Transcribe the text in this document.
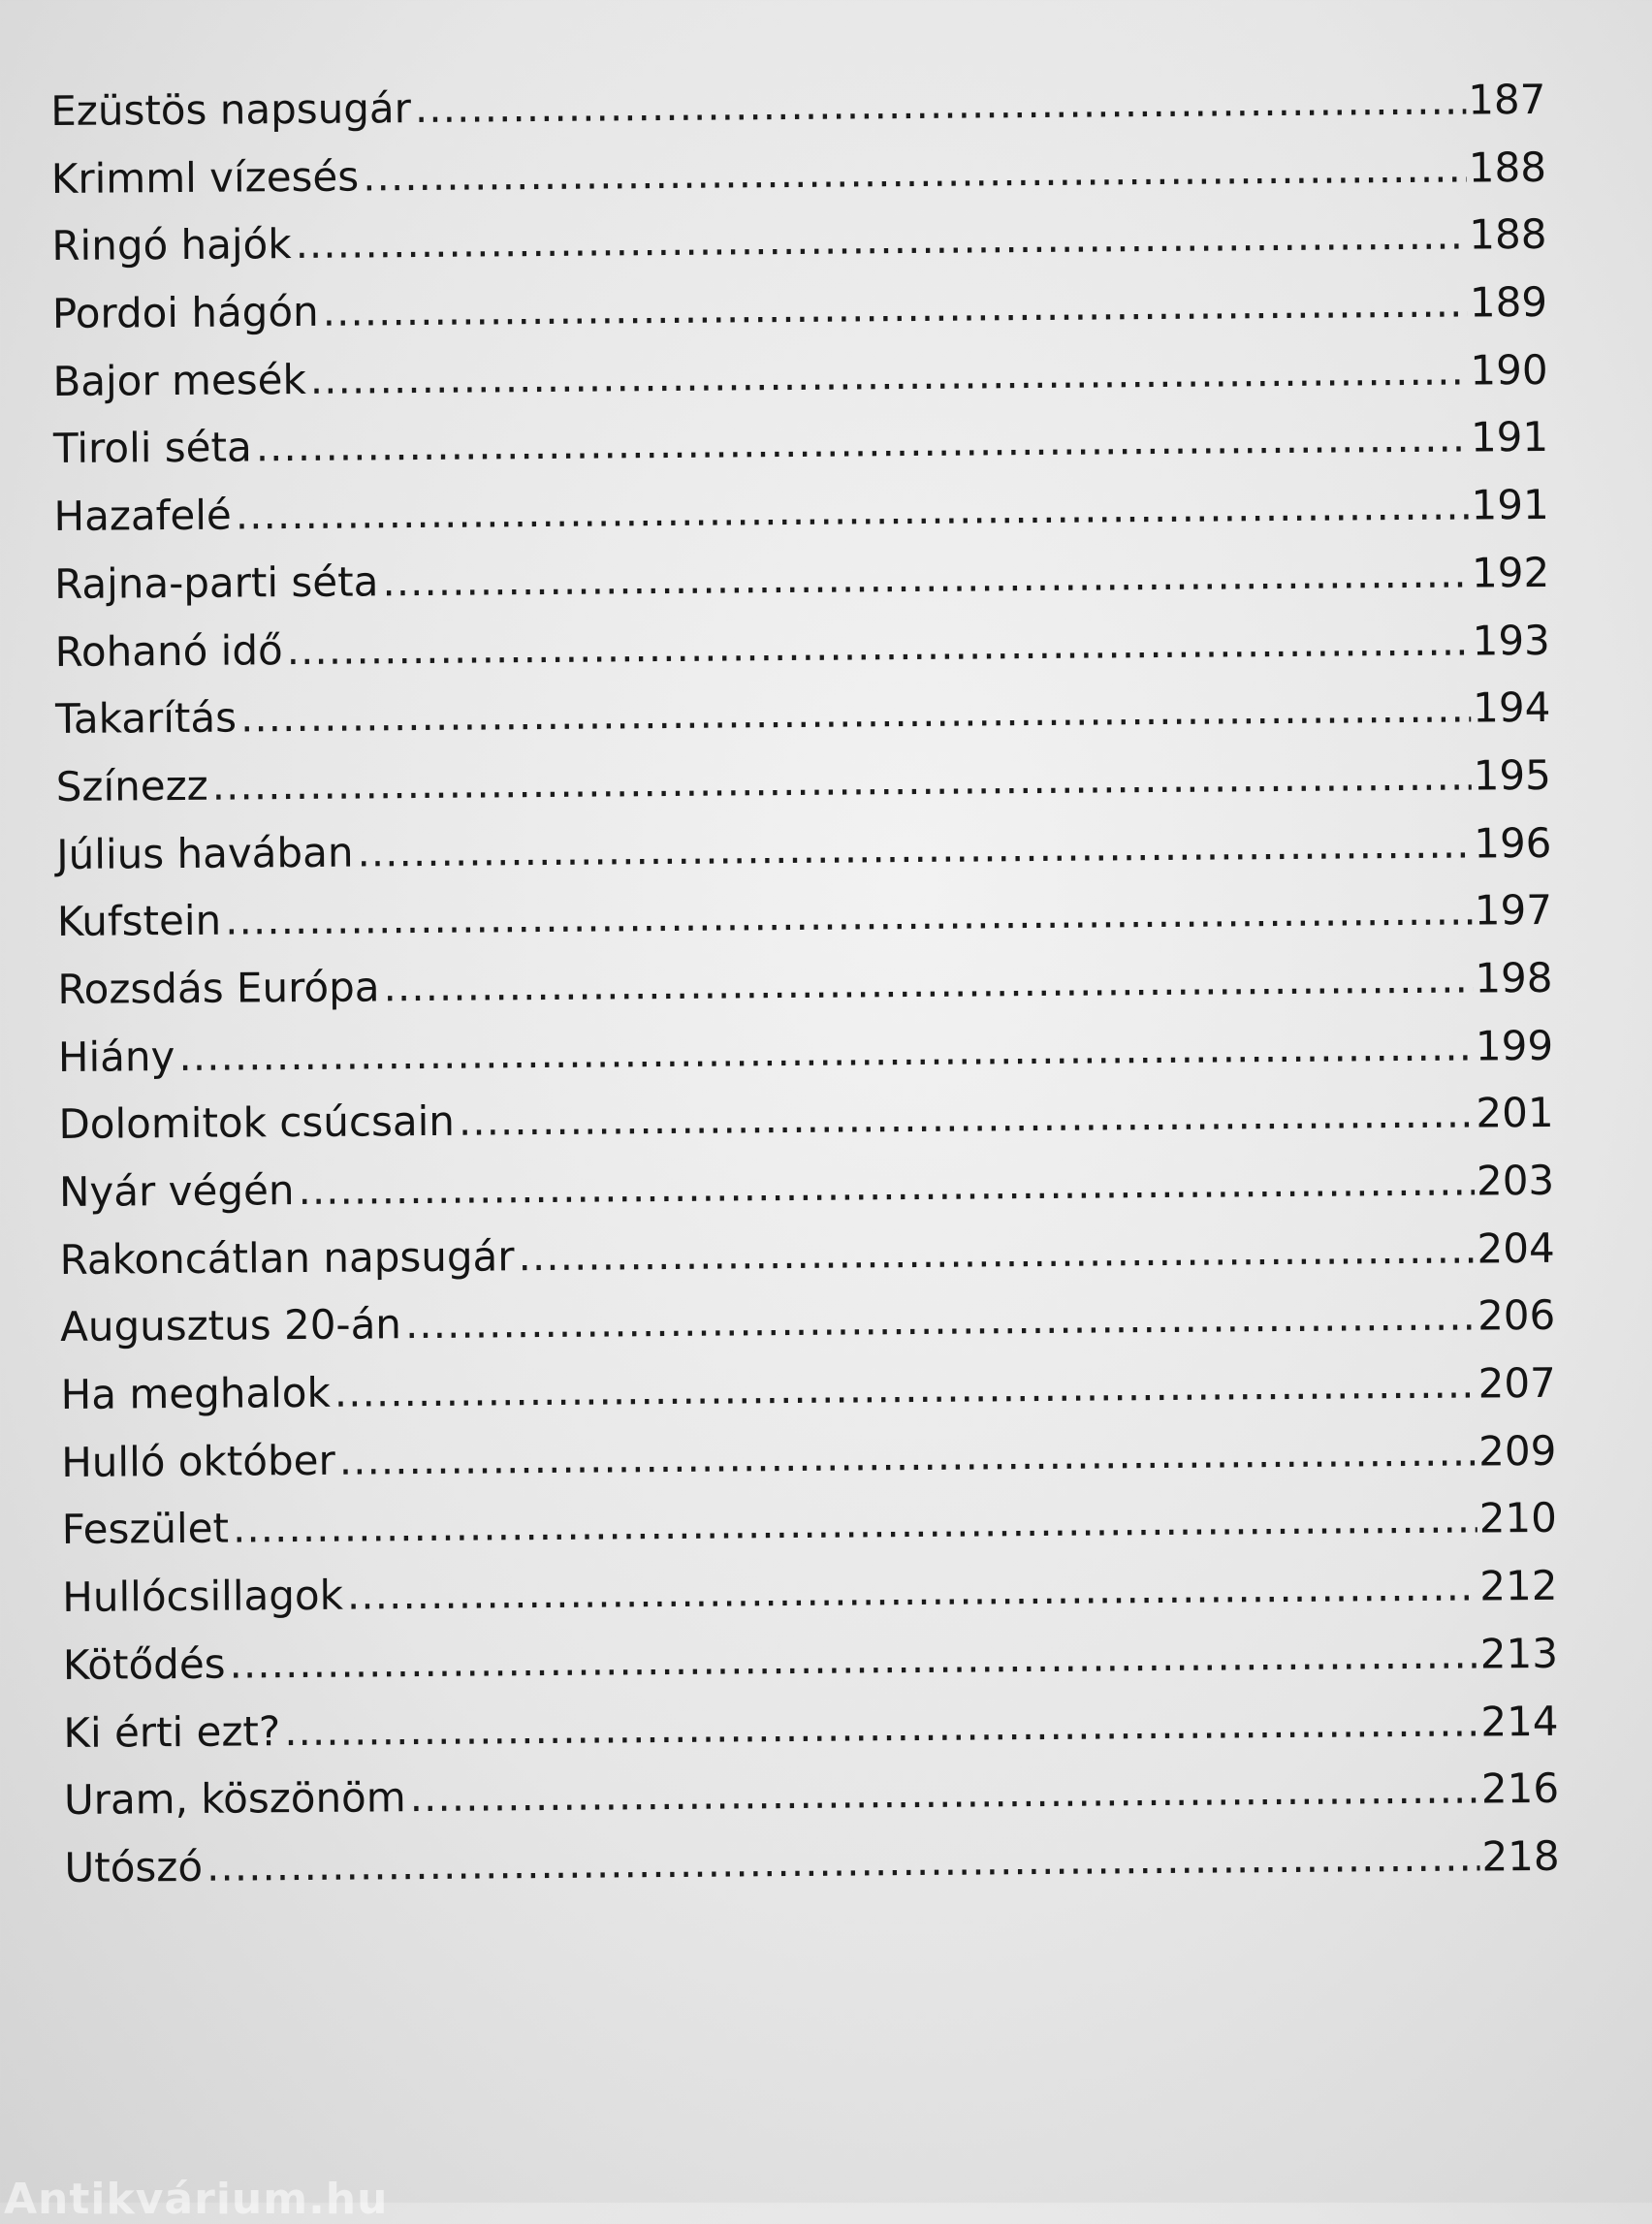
Ezüstös napsugár .....	187
Krimml vízesés .....	188
Ringó hajók .....	188
Pordoi hágón .....	189
Bajor mesék .....	190
Tiroli séta .....	191
Hazafelé .....	191
Rajna-parti séta .....	192
Rohanó idő .....	193
Takarítás .....	194
Színezz .....	195
Július havában .....	196
Kufstein .....	197
Rozsdás Európa .....	198
Hiány .....	199
Dolomitok csúcsain .....	201
Nyár végén .....	203
Rakoncátlan napsugár .....	204
Augusztus 20-án .....	206
Ha meghalok .....	207
Hulló október .....	209
Feszület .....	210
Hullócsillagok .....	212
Kötődés .....	213
Ki érti ezt? .....	214
Uram, köszönöm .....	216
Utószó .....	218
Antikvárium.hu
